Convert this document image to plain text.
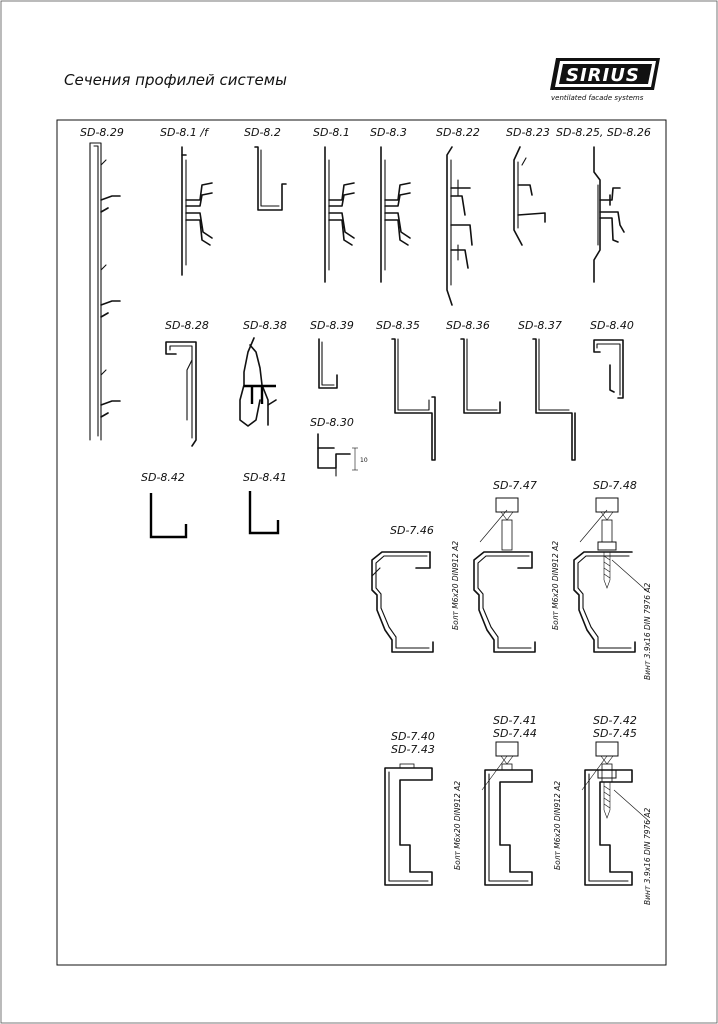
Сечения профилей системы	SIRIUS
ventilated facade systems
SD-8.29	SD-8.1 /f	SD-8.2	SD-8.1 SD-8.3	SD-8.22 SD-8.23 SD-8.25, SD-8.26
SD-8.28	SD-8.38 SD-8.39 SD-8.35 SD-8.36	SD-8.37	SD-8.40
SD-8.30
10
SD-8.42	SD-8.41
SD-7.46
SD-7.47	SD-7.48
Болт М6х20 DIN912 А2	Болт М6х20 DIN912 А2	Винт 3.9х16 DIN 7976 А2
SD-7.40
SD-7.43
SD-7.41
SD-7.44
SD-7.42
SD-7.45
Болт М6х20 DIN912 А2	Болт М6х20 DIN912 А2	Винт 3.9х16 DIN 7976 А2
